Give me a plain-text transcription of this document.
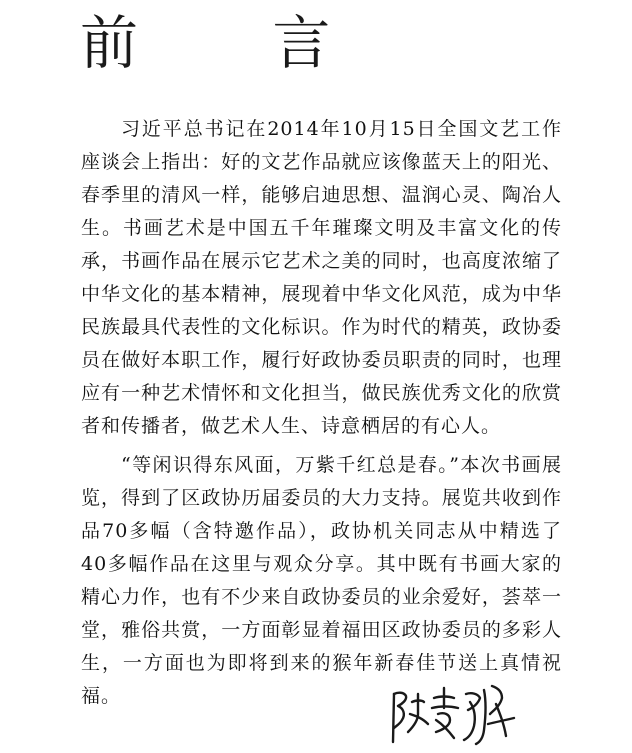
前 言

习近平总书记在2014年10月15日全国文艺工作座谈会上指出：好的文艺作品就应该像蓝天上的阳光、春季里的清风一样，能够启迪思想、温润心灵、陶冶人生。书画艺术是中国五千年璀璨文明及丰富文化的传承，书画作品在展示它艺术之美的同时，也高度浓缩了中华文化的基本精神，展现着中华文化风范，成为中华民族最具代表性的文化标识。作为时代的精英，政协委员在做好本职工作，履行好政协委员职责的同时，也理应有一种艺术情怀和文化担当，做民族优秀文化的欣赏者和传播者，做艺术人生、诗意栖居的有心人。

“等闲识得东风面，万紫千红总是春。”本次书画展览，得到了区政协历届委员的大力支持。展览共收到作品70多幅（含特邀作品），政协机关同志从中精选了40多幅作品在这里与观众分享。其中既有书画大家的精心力作，也有不少来自政协委员的业余爱好，荟萃一堂，雅俗共赏，一方面彰显着福田区政协委员的多彩人生，一方面也为即将到来的猴年新春佳节送上真情祝福。
